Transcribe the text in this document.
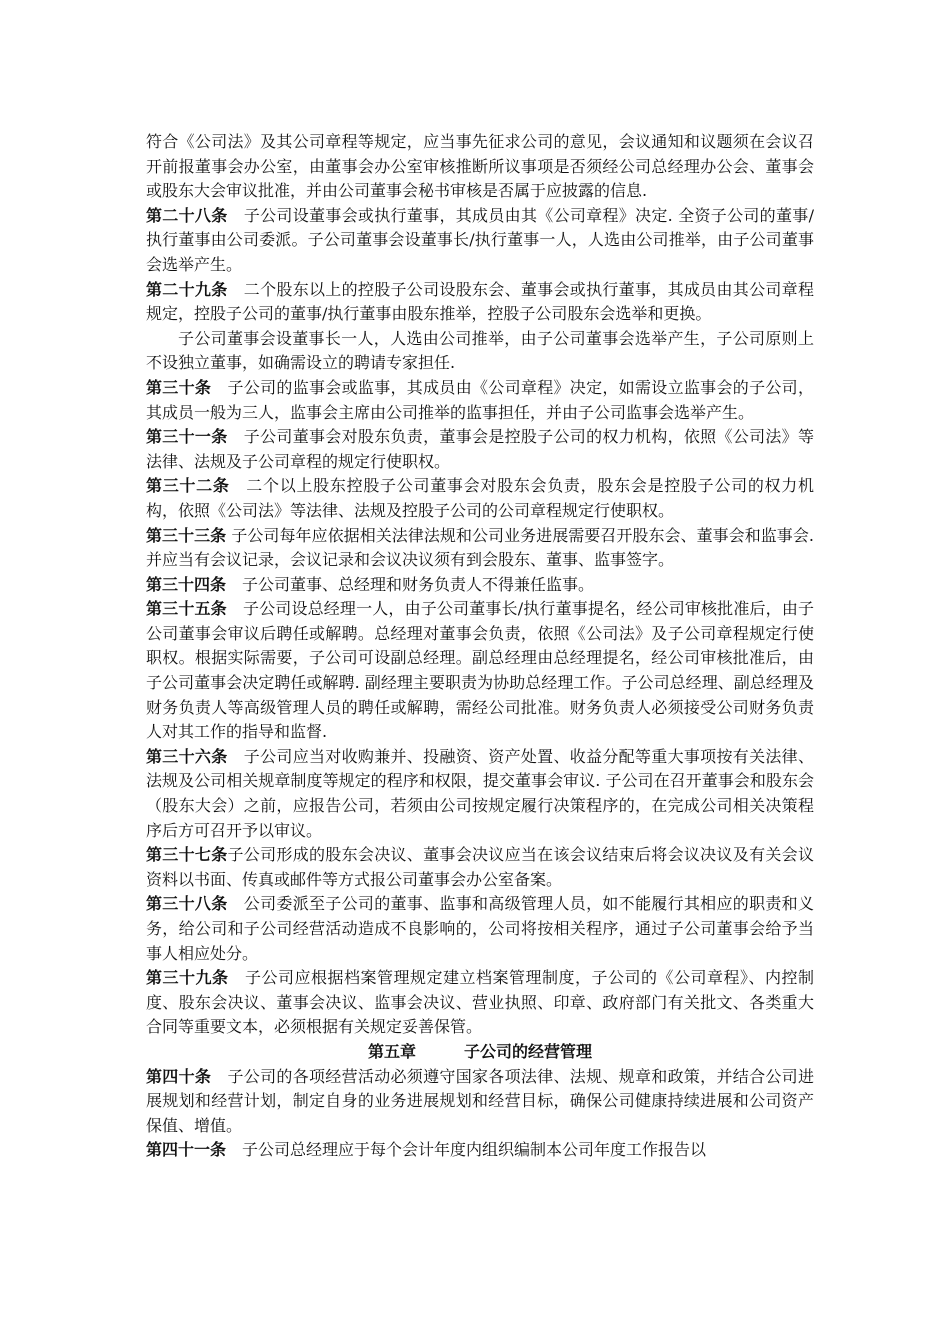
符合《公司法》及其公司章程等规定，应当事先征求公司的意见，会议通知和议题须在会议召开前报董事会办公室，由董事会办公室审核推断所议事项是否须经公司总经理办公会、董事会或股东大会审议批准，并由公司董事会秘书审核是否属于应披露的信息.

第二十八条　子公司设董事会或执行董事，其成员由其《公司章程》决定. 全资子公司的董事/执行董事由公司委派。子公司董事会设董事长/执行董事一人，人选由公司推举，由子公司董事会选举产生。

第二十九条　二个股东以上的控股子公司设股东会、董事会或执行董事，其成员由其公司章程规定，控股子公司的董事/执行董事由股东推举，控股子公司股东会选举和更换。

子公司董事会设董事长一人，人选由公司推举，由子公司董事会选举产生，子公司原则上不设独立董事，如确需设立的聘请专家担任.

第三十条　子公司的监事会或监事，其成员由《公司章程》决定，如需设立监事会的子公司，其成员一般为三人，监事会主席由公司推举的监事担任，并由子公司监事会选举产生。

第三十一条　子公司董事会对股东负责，董事会是控股子公司的权力机构，依照《公司法》等法律、法规及子公司章程的规定行使职权。

第三十二条　二个以上股东控股子公司董事会对股东会负责，股东会是控股子公司的权力机构，依照《公司法》等法律、法规及控股子公司的公司章程规定行使职权。

第三十三条 子公司每年应依据相关法律法规和公司业务进展需要召开股东会、董事会和监事会. 并应当有会议记录，会议记录和会议决议须有到会股东、董事、监事签字。

第三十四条　子公司董事、总经理和财务负责人不得兼任监事。

第三十五条　子公司设总经理一人，由子公司董事长/执行董事提名，经公司审核批准后，由子公司董事会审议后聘任或解聘。总经理对董事会负责，依照《公司法》及子公司章程规定行使职权。根据实际需要，子公司可设副总经理。副总经理由总经理提名，经公司审核批准后，由子公司董事会决定聘任或解聘. 副经理主要职责为协助总经理工作。子公司总经理、副总经理及财务负责人等高级管理人员的聘任或解聘，需经公司批准。财务负责人必须接受公司财务负责人对其工作的指导和监督.

第三十六条　子公司应当对收购兼并、投融资、资产处置、收益分配等重大事项按有关法律、法规及公司相关规章制度等规定的程序和权限，提交董事会审议. 子公司在召开董事会和股东会（股东大会）之前，应报告公司，若须由公司按规定履行决策程序的，在完成公司相关决策程序后方可召开予以审议。

第三十七条子公司形成的股东会决议、董事会决议应当在该会议结束后将会议决议及有关会议资料以书面、传真或邮件等方式报公司董事会办公室备案。

第三十八条　公司委派至子公司的董事、监事和高级管理人员，如不能履行其相应的职责和义务，给公司和子公司经营活动造成不良影响的，公司将按相关程序，通过子公司董事会给予当事人相应处分。

第三十九条　子公司应根据档案管理规定建立档案管理制度，子公司的《公司章程》、内控制度、股东会决议、董事会决议、监事会决议、营业执照、印章、政府部门有关批文、各类重大合同等重要文本，必须根据有关规定妥善保管。

第五章	子公司的经营管理

第四十条　子公司的各项经营活动必须遵守国家各项法律、法规、规章和政策，并结合公司进展规划和经营计划，制定自身的业务进展规划和经营目标，确保公司健康持续进展和公司资产保值、增值。

第四十一条　子公司总经理应于每个会计年度内组织编制本公司年度工作报告以
